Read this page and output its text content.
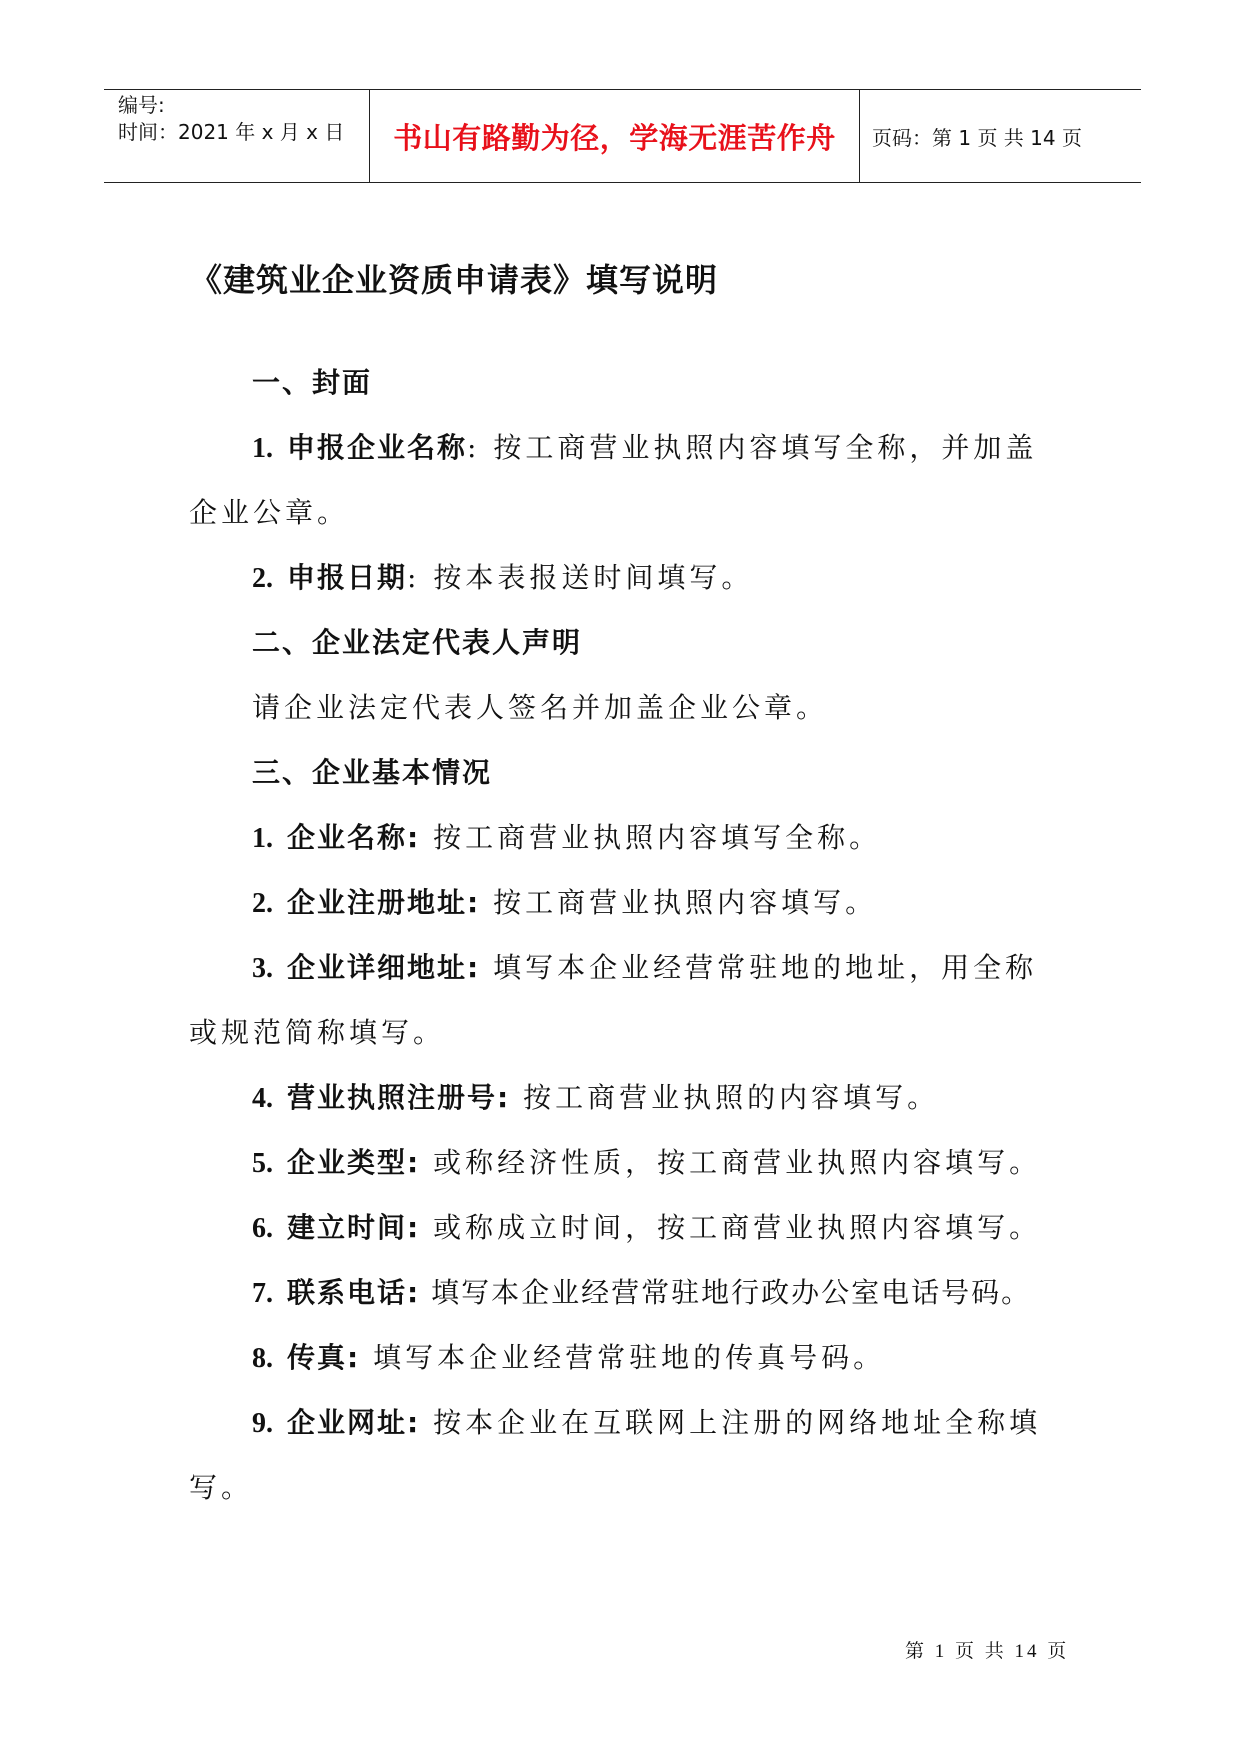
编号:
时间：2021 年 x 月 x 日	书山有路勤为径，学海无涯苦作舟	页码：第 1 页 共 14 页
《建筑业企业资质申请表》填写说明
一、封面
1. 申报企业名称: 按工商营业执照内容填写全称，并加盖
企业公章。
2. 申报日期: 按本表报送时间填写。
二、企业法定代表人声明
请企业法定代表人签名并加盖企业公章。
三、企业基本情况
1. 企业名称: 按工商营业执照内容填写全称。
2. 企业注册地址: 按工商营业执照内容填写。
3. 企业详细地址: 填写本企业经营常驻地的地址，用全称
或规范简称填写。
4. 营业执照注册号: 按工商营业执照的内容填写。
5. 企业类型: 或称经济性质，按工商营业执照内容填写。
6. 建立时间: 或称成立时间，按工商营业执照内容填写。
7. 联系电话: 填写本企业经营常驻地行政办公室电话号码。
8. 传真: 填写本企业经营常驻地的传真号码。
9. 企业网址: 按本企业在互联网上注册的网络地址全称填
写。
第 1 页 共 14 页
